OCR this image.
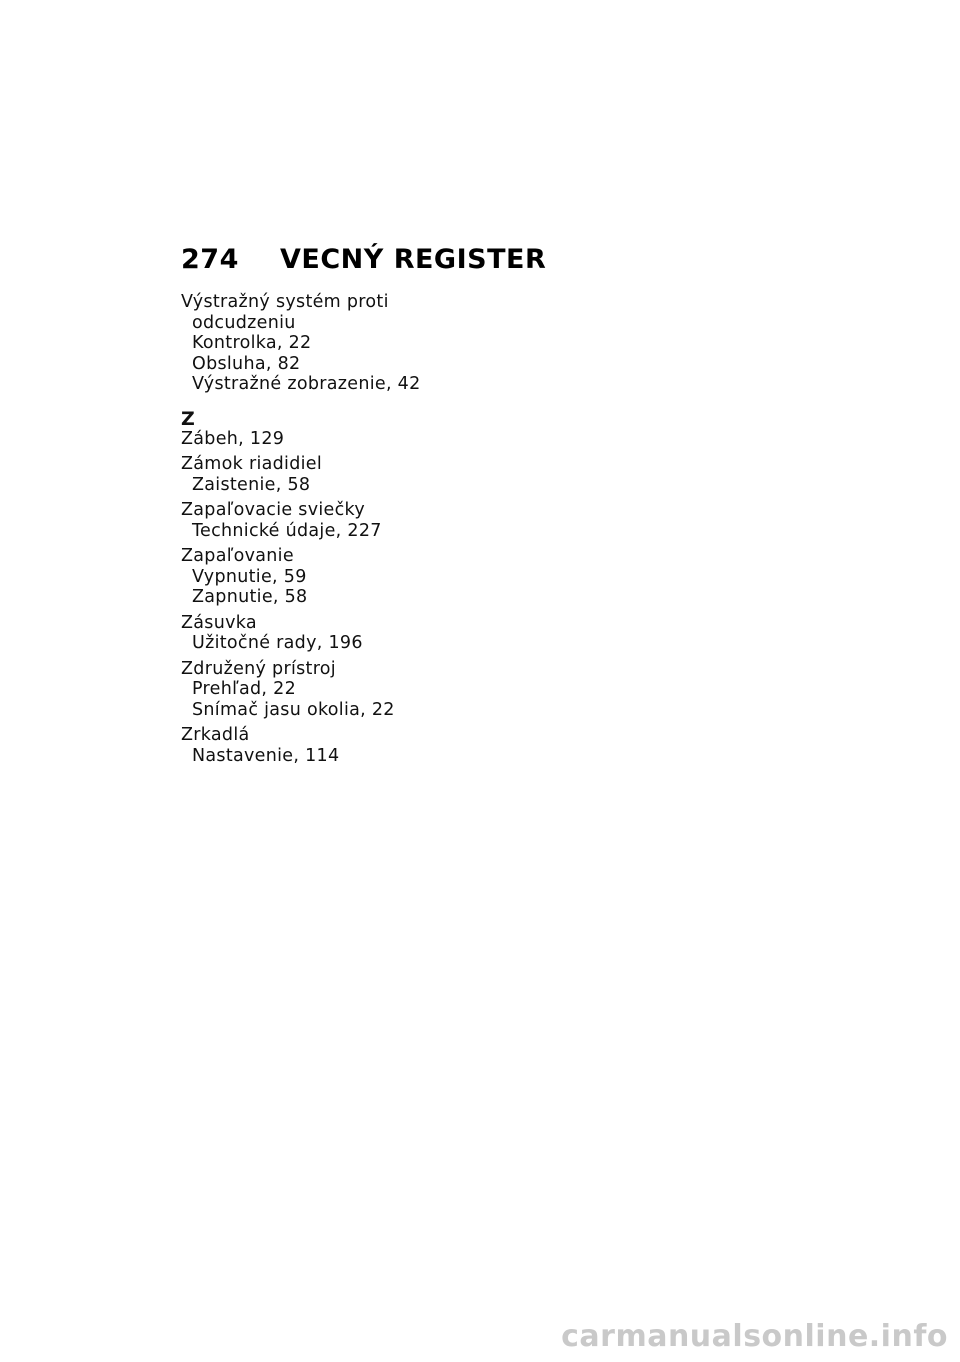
274	VECNÝ REGISTER
Výstražný systém proti
odcudzeniu
Kontrolka, 22
Obsluha, 82
Výstražné zobrazenie, 42
Z
Zábeh, 129
Zámok riadidiel
Zaistenie, 58
Zapaľovacie sviečky
Technické údaje, 227
Zapaľovanie
Vypnutie, 59
Zapnutie, 58
Zásuvka
Užitočné rady, 196
Združený prístroj
Prehľad, 22
Snímač jasu okolia, 22
Zrkadlá
Nastavenie, 114
carmanualsonline.info
